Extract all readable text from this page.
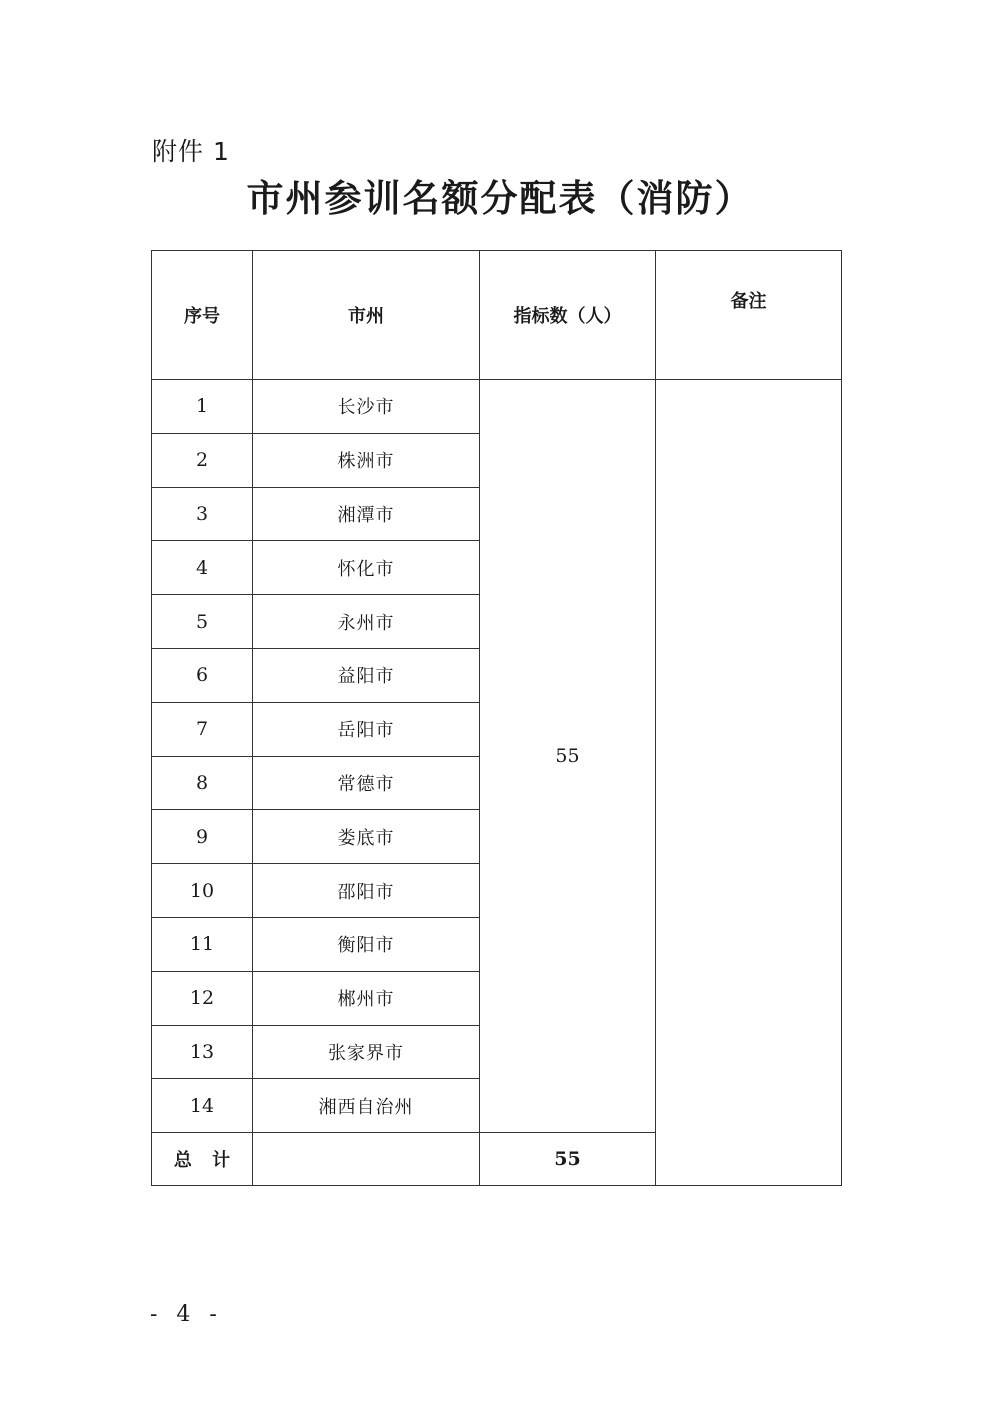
附件 1
市州参训名额分配表（消防）
序号	市州	指标数（人）	备注
1	长沙市	55	
2	株洲市		
3	湘潭市		
4	怀化市		
5	永州市		
6	益阳市		
7	岳阳市		
8	常德市		
9	娄底市		
10	邵阳市		
11	衡阳市		
12	郴州市		
13	张家界市		
14	湘西自治州		
总 计		55	
- 4 -
